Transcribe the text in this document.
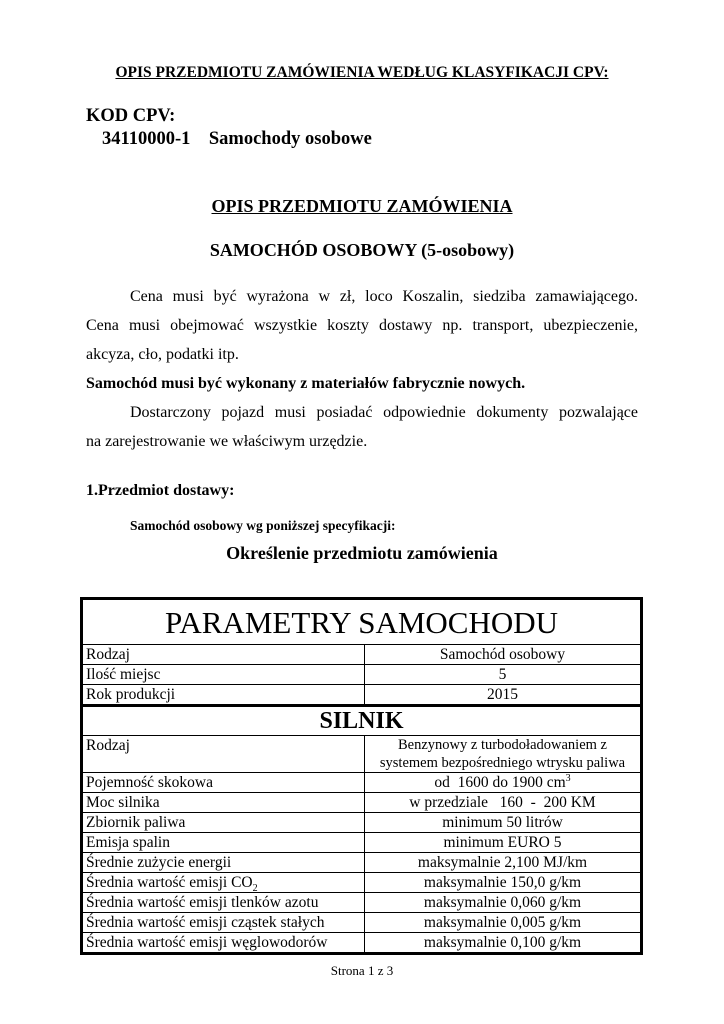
OPIS PRZEDMIOTU ZAMÓWIENIA WEDŁUG KLASYFIKACJI CPV:
KOD CPV:
34110000-1    Samochody osobowe
OPIS PRZEDMIOTU ZAMÓWIENIA
SAMOCHÓD OSOBOWY (5-osobowy)
Cena musi być wyrażona w zł, loco Koszalin, siedziba zamawiającego.
Cena musi obejmować wszystkie koszty dostawy np. transport, ubezpieczenie,
akcyza, cło, podatki itp.
Samochód musi być wykonany z materiałów fabrycznie nowych.
Dostarczony pojazd musi posiadać odpowiednie dokumenty pozwalające
na zarejestrowanie we właściwym urzędzie.
1.Przedmiot dostawy:
Samochód osobowy wg poniższej specyfikacji:
Określenie przedmiotu zamówienia
PARAMETRY SAMOCHODU	
Rodzaj	Samochód osobowy
Ilość miejsc	5
Rok produkcji	2015
SILNIK	
Rodzaj	Benzynowy z turbodoładowaniem z
systemem bezpośredniego wtrysku paliwa

Pojemność skokowa	od  1600 do 1900 $cm^3$
Moc silnika	w przedziale   160  -  200 KM
Zbiornik paliwa	minimum 50 litrów
Emisja spalin	minimum EURO 5
Średnie zużycie energii	maksymalnie 2,100 MJ/km
Średnia wartość emisji $CO_2$	maksymalnie 150,0 g/km
Średnia wartość emisji tlenków azotu	maksymalnie 0,060 g/km
Średnia wartość emisji cząstek stałych	maksymalnie 0,005 g/km
Średnia wartość emisji węglowodorów	maksymalnie 0,100 g/km
Strona 1 z 3
